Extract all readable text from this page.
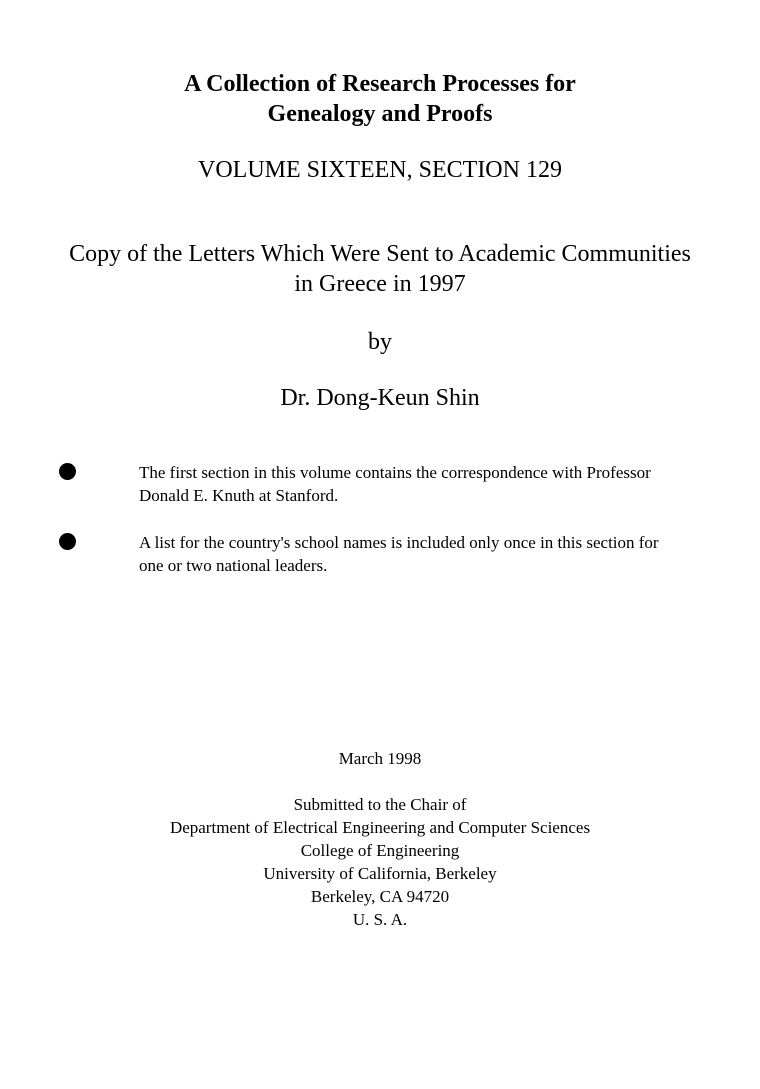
A Collection of Research Processes for
Genealogy and Proofs
VOLUME SIXTEEN, SECTION 129
Copy of the Letters Which Were Sent to Academic Communities
in Greece in 1997
by
Dr. Dong-Keun Shin
The first section in this volume contains the correspondence with Professor
Donald E. Knuth at Stanford.
A list for the country's school names is included only once in this section for
one or two national leaders.
March 1998
Submitted to the Chair of
Department of Electrical Engineering and Computer Sciences
College of Engineering
University of California, Berkeley
Berkeley, CA 94720
U. S. A.
